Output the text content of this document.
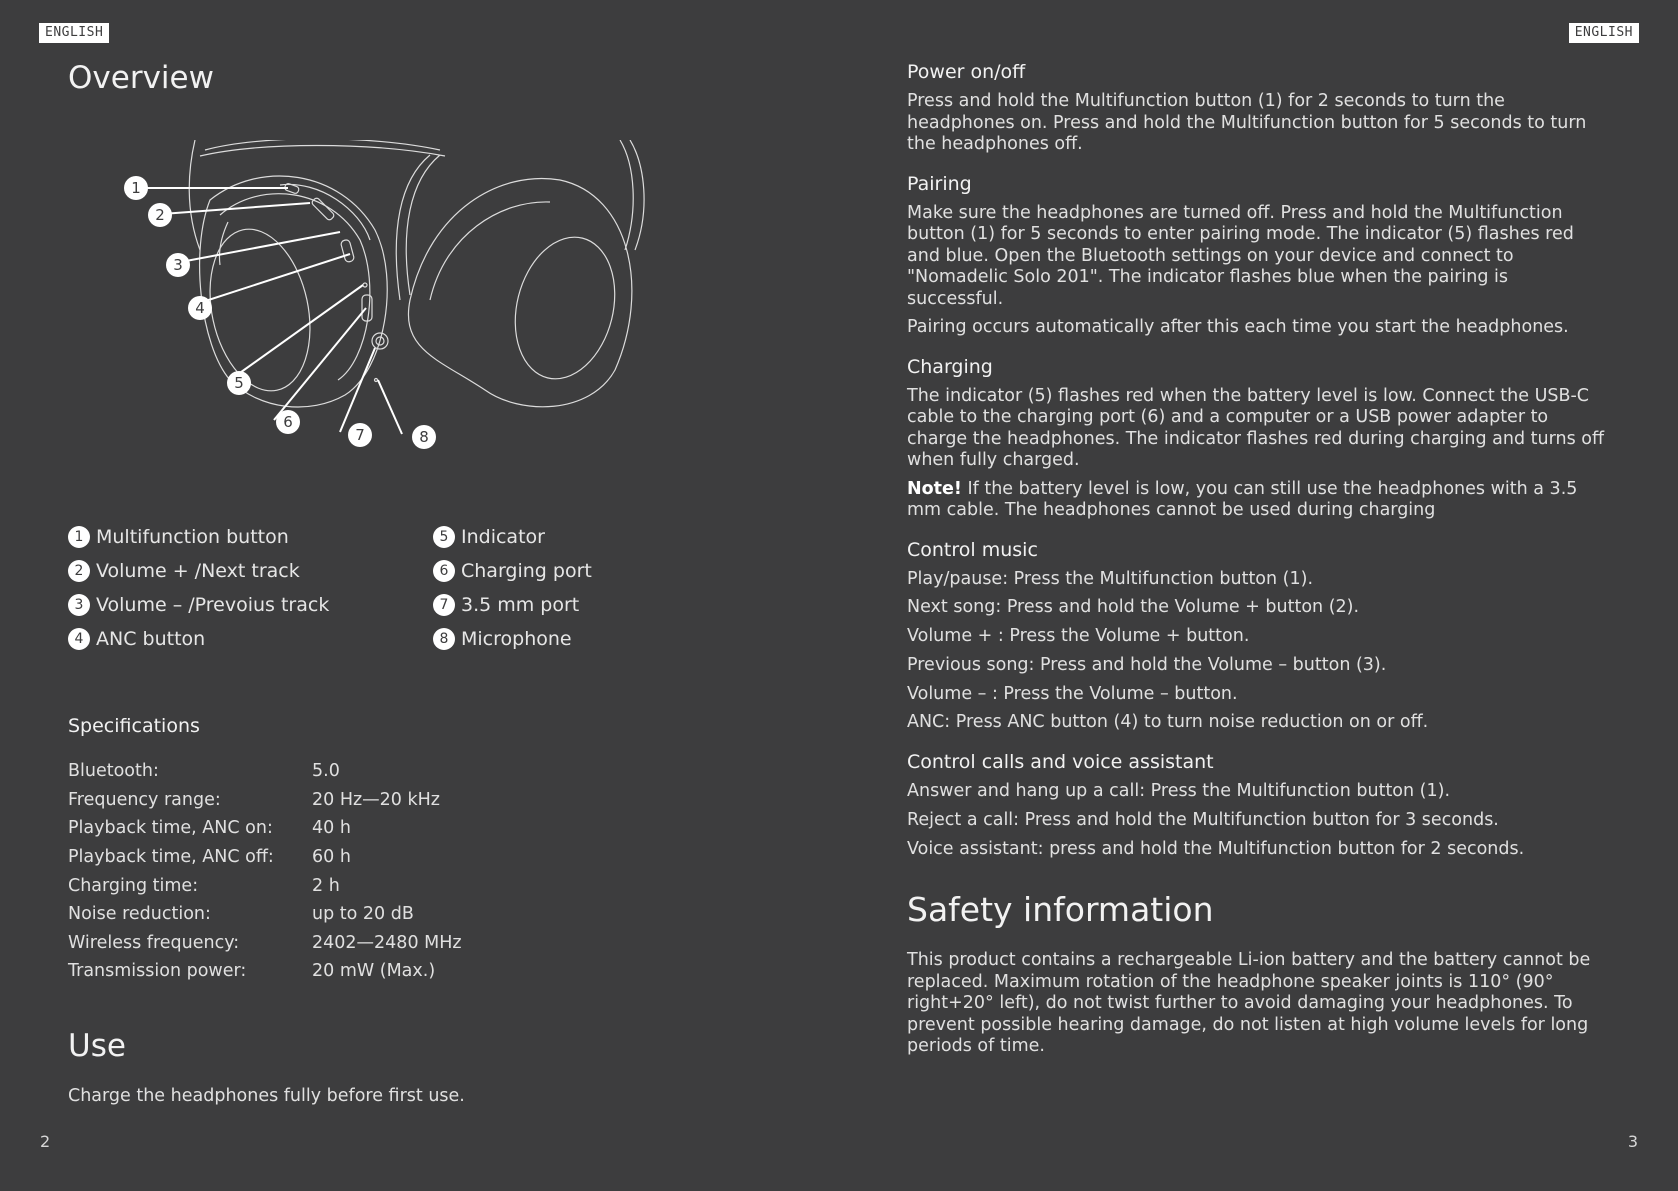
ENGLISH
Overview
1
2
3
4
5
6
7	8
1 Multifunction button
2 Volume + /Next track
3 Volume – /Prevoius track
4 ANC button
5 Indicator
6 Charging port
7 3.5 mm port
8 Microphone
Specifications
Bluetooth:	5.0
Frequency range:	20 Hz—20 kHz
Playback time, ANC on:	40 h
Playback time, ANC off:	60 h
Charging time:	2 h
Noise reduction:	up to 20 dB
Wireless frequency:	2402—2480 MHz
Transmission power:	20 mW (Max.)
Use
Charge the headphones fully before first use.
2
ENGLISH
Power on/off
Press and hold the Multifunction button (1) for 2 seconds to turn the headphones on. Press and hold the Multifunction button for 5 seconds to turn the headphones off.
Pairing
Make sure the headphones are turned off. Press and hold the Multifunction button (1) for 5 seconds to enter pairing mode. The indicator (5) flashes red and blue. Open the Bluetooth settings on your device and connect to "Nomadelic Solo 201". The indicator flashes blue when the pairing is successful.
Pairing occurs automatically after this each time you start the headphones.
Charging
The indicator (5) flashes red when the battery level is low. Connect the USB-C cable to the charging port (6) and a computer or a USB power adapter to charge the headphones. The indicator flashes red during charging and turns off when fully charged.
Note! If the battery level is low, you can still use the headphones with a 3.5 mm cable. The headphones cannot be used during charging
Control music
Play/pause: Press the Multifunction button (1).
Next song: Press and hold the Volume + button (2).
Volume + : Press the Volume + button.
Previous song: Press and hold the Volume – button (3).
Volume – : Press the Volume – button.
ANC: Press ANC button (4) to turn noise reduction on or off.
Control calls and voice assistant
Answer and hang up a call: Press the Multifunction button (1).
Reject a call: Press and hold the Multifunction button for 3 seconds.
Voice assistant: press and hold the Multifunction button for 2 seconds.
Safety information
This product contains a rechargeable Li-ion battery and the battery cannot be replaced. Maximum rotation of the headphone speaker joints is 110° (90° right+20° left), do not twist further to avoid damaging your headphones. To prevent possible hearing damage, do not listen at high volume levels for long periods of time.
3
